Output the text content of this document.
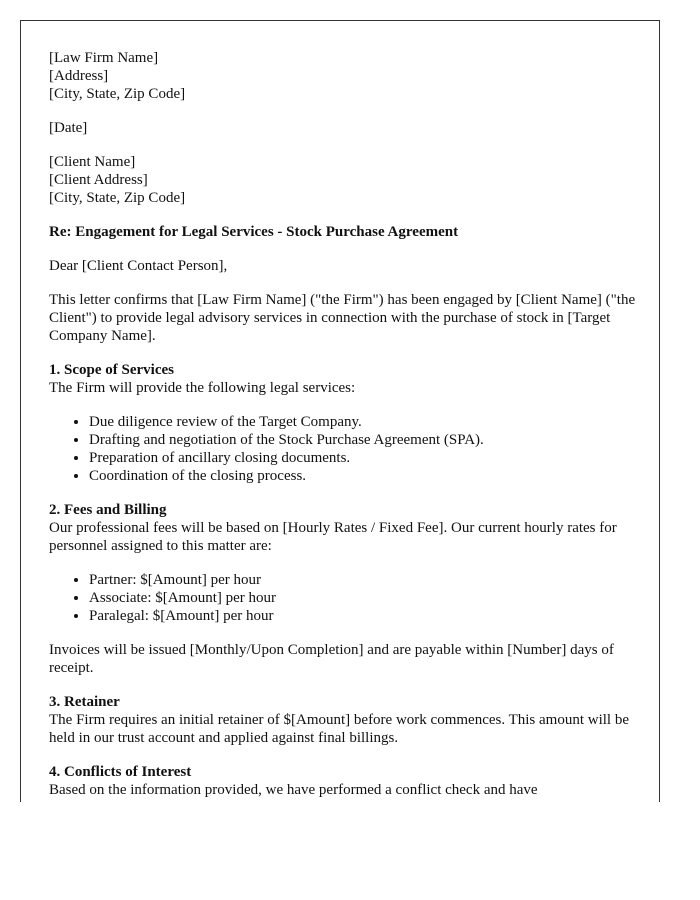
[Law Firm Name]
[Address]
[City, State, Zip Code]

[Date]

[Client Name]
[Client Address]
[City, State, Zip Code]

Re: Engagement for Legal Services - Stock Purchase Agreement

Dear [Client Contact Person],

This letter confirms that [Law Firm Name] ("the Firm") has been engaged by [Client Name] ("the Client") to provide legal advisory services in connection with the purchase of stock in [Target Company Name].

1. Scope of Services

The Firm will provide the following legal services:

• Due diligence review of the Target Company.
• Drafting and negotiation of the Stock Purchase Agreement (SPA).
• Preparation of ancillary closing documents.
• Coordination of the closing process.
2. Fees and Billing

Our professional fees will be based on [Hourly Rates / Fixed Fee]. Our current hourly rates for personnel assigned to this matter are:

• Partner: $[Amount] per hour
• Associate: $[Amount] per hour
• Paralegal: $[Amount] per hour

Invoices will be issued [Monthly/Upon Completion] and are payable within [Number] days of receipt.

3. Retainer

The Firm requires an initial retainer of $[Amount] before work commences. This amount will be held in our trust account and applied against final billings.

4. Conflicts of Interest

Based on the information provided, we have performed a conflict check and have
